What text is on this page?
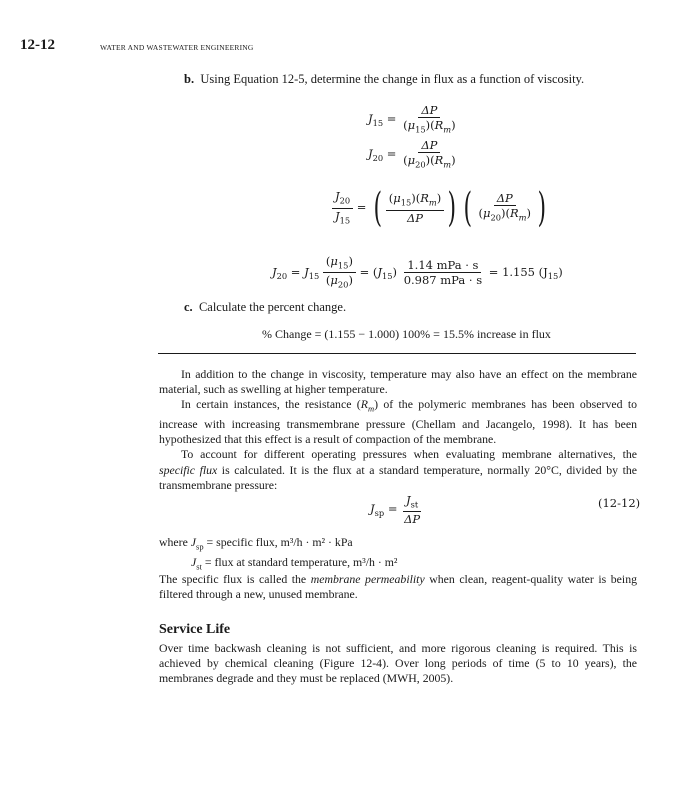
12-12	WATER AND WASTEWATER ENGINEERING
b. Using Equation 12-5, determine the change in flux as a function of viscosity.
$J_{15} = \frac{\Delta P}{(\mu_{15})(R_m)}$
$J_{20} = \frac{\Delta P}{(\mu_{20})(R_m)}$
$\frac{J_{20}}{J_{15}}$ = ( $\frac{(\mu_{15})(R_m)}{\Delta P}$ ) ( $\frac{\Delta P}{(\mu_{20})(R_m)}$ )
$J_{20} = J_{15} \frac{(\mu_{15})}{(\mu_{20})} = (J_{15}) \frac{\text{1.14 mPa · s}}{\text{0.987 mPa · s}} = 1.155$ $(J_{15})$
c. Calculate the percent change.
% Change = (1.155 − 1.000) 100% = 15.5% increase in flux
In addition to the change in viscosity, temperature may also have an effect on the membrane material, such as swelling at higher temperature.
In certain instances, the resistance $(R_m)$ of the polymeric membranes has been observed to increase with increasing transmembrane pressure (Chellam and Jacangelo, 1998). It has been hypothesized that this effect is a result of compaction of the membrane.
To account for different operating pressures when evaluating membrane alternatives, the specific flux is calculated. It is the flux at a standard temperature, normally 20°C, divided by the transmembrane pressure:
$J_{sp} = \frac{J_{st}}{\Delta P}$	(12-12)
where $J_{sp}$ = specific flux, m³/h · m² · kPa
$J_{st}$ = flux at standard temperature, m³/h · m²
The specific flux is called the membrane permeability when clean, reagent-quality water is being filtered through a new, unused membrane.
Service Life
Over time backwash cleaning is not sufficient, and more rigorous cleaning is required. This is achieved by chemical cleaning (Figure 12-4). Over long periods of time (5 to 10 years), the membranes degrade and they must be replaced (MWH, 2005).
